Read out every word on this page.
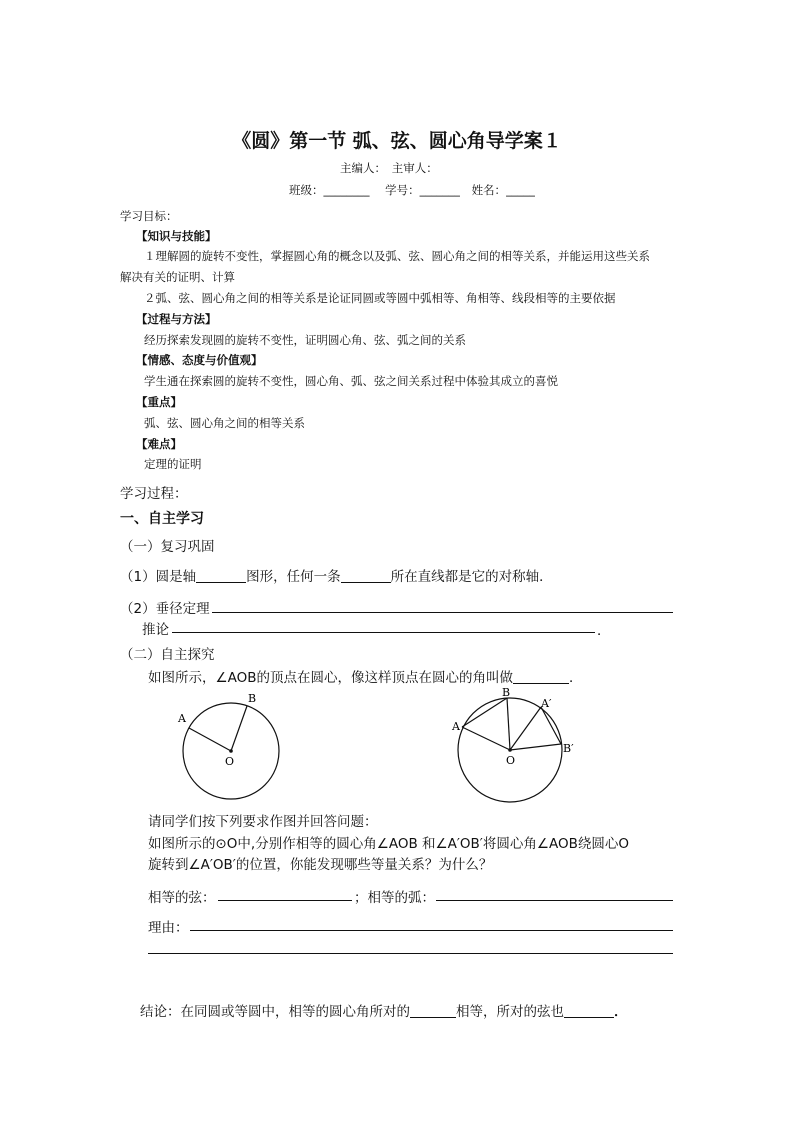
《圆》第一节 弧、弦、圆心角导学案１
主编人：　主审人：
班级：________ 学号：_______ 姓名：_____
学习目标：
【知识与技能】
１理解圆的旋转不变性，掌握圆心角的概念以及弧、弦、圆心角之间的相等关系，并能运用这些关系
解决有关的证明、计算
２弧、弦、圆心角之间的相等关系是论证同圆或等圆中弧相等、角相等、线段相等的主要依据
【过程与方法】
经历探索发现圆的旋转不变性，证明圆心角、弦、弧之间的关系
【情感、态度与价值观】
学生通在探索圆的旋转不变性，圆心角、弧、弦之间关系过程中体验其成立的喜悦
【重点】
弧、弦、圆心角之间的相等关系
【难点】
定理的证明
学习过程：
一、自主学习
（一）复习巩固
（1）圆是轴	图形，任何一条	所在直线都是它的对称轴．
（2）垂径定理
推论	．
（二）自主探究
如图所示，∠AOB的顶点在圆心，像这样顶点在圆心的角叫做	．
A
B
O
A
B
A′
B′
O
请同学们按下列要求作图并回答问题：
如图所示的⊙O中,分别作相等的圆心角∠AOB 和∠A′OB′将圆心角∠AOB绕圆心O
旋转到∠A′OB′的位置，你能发现哪些等量关系？为什么？
相等的弦：	；相等的弧：
理由：
结论：在同圆或等圆中，相等的圆心角所对的	相等，所对的弦也	．
